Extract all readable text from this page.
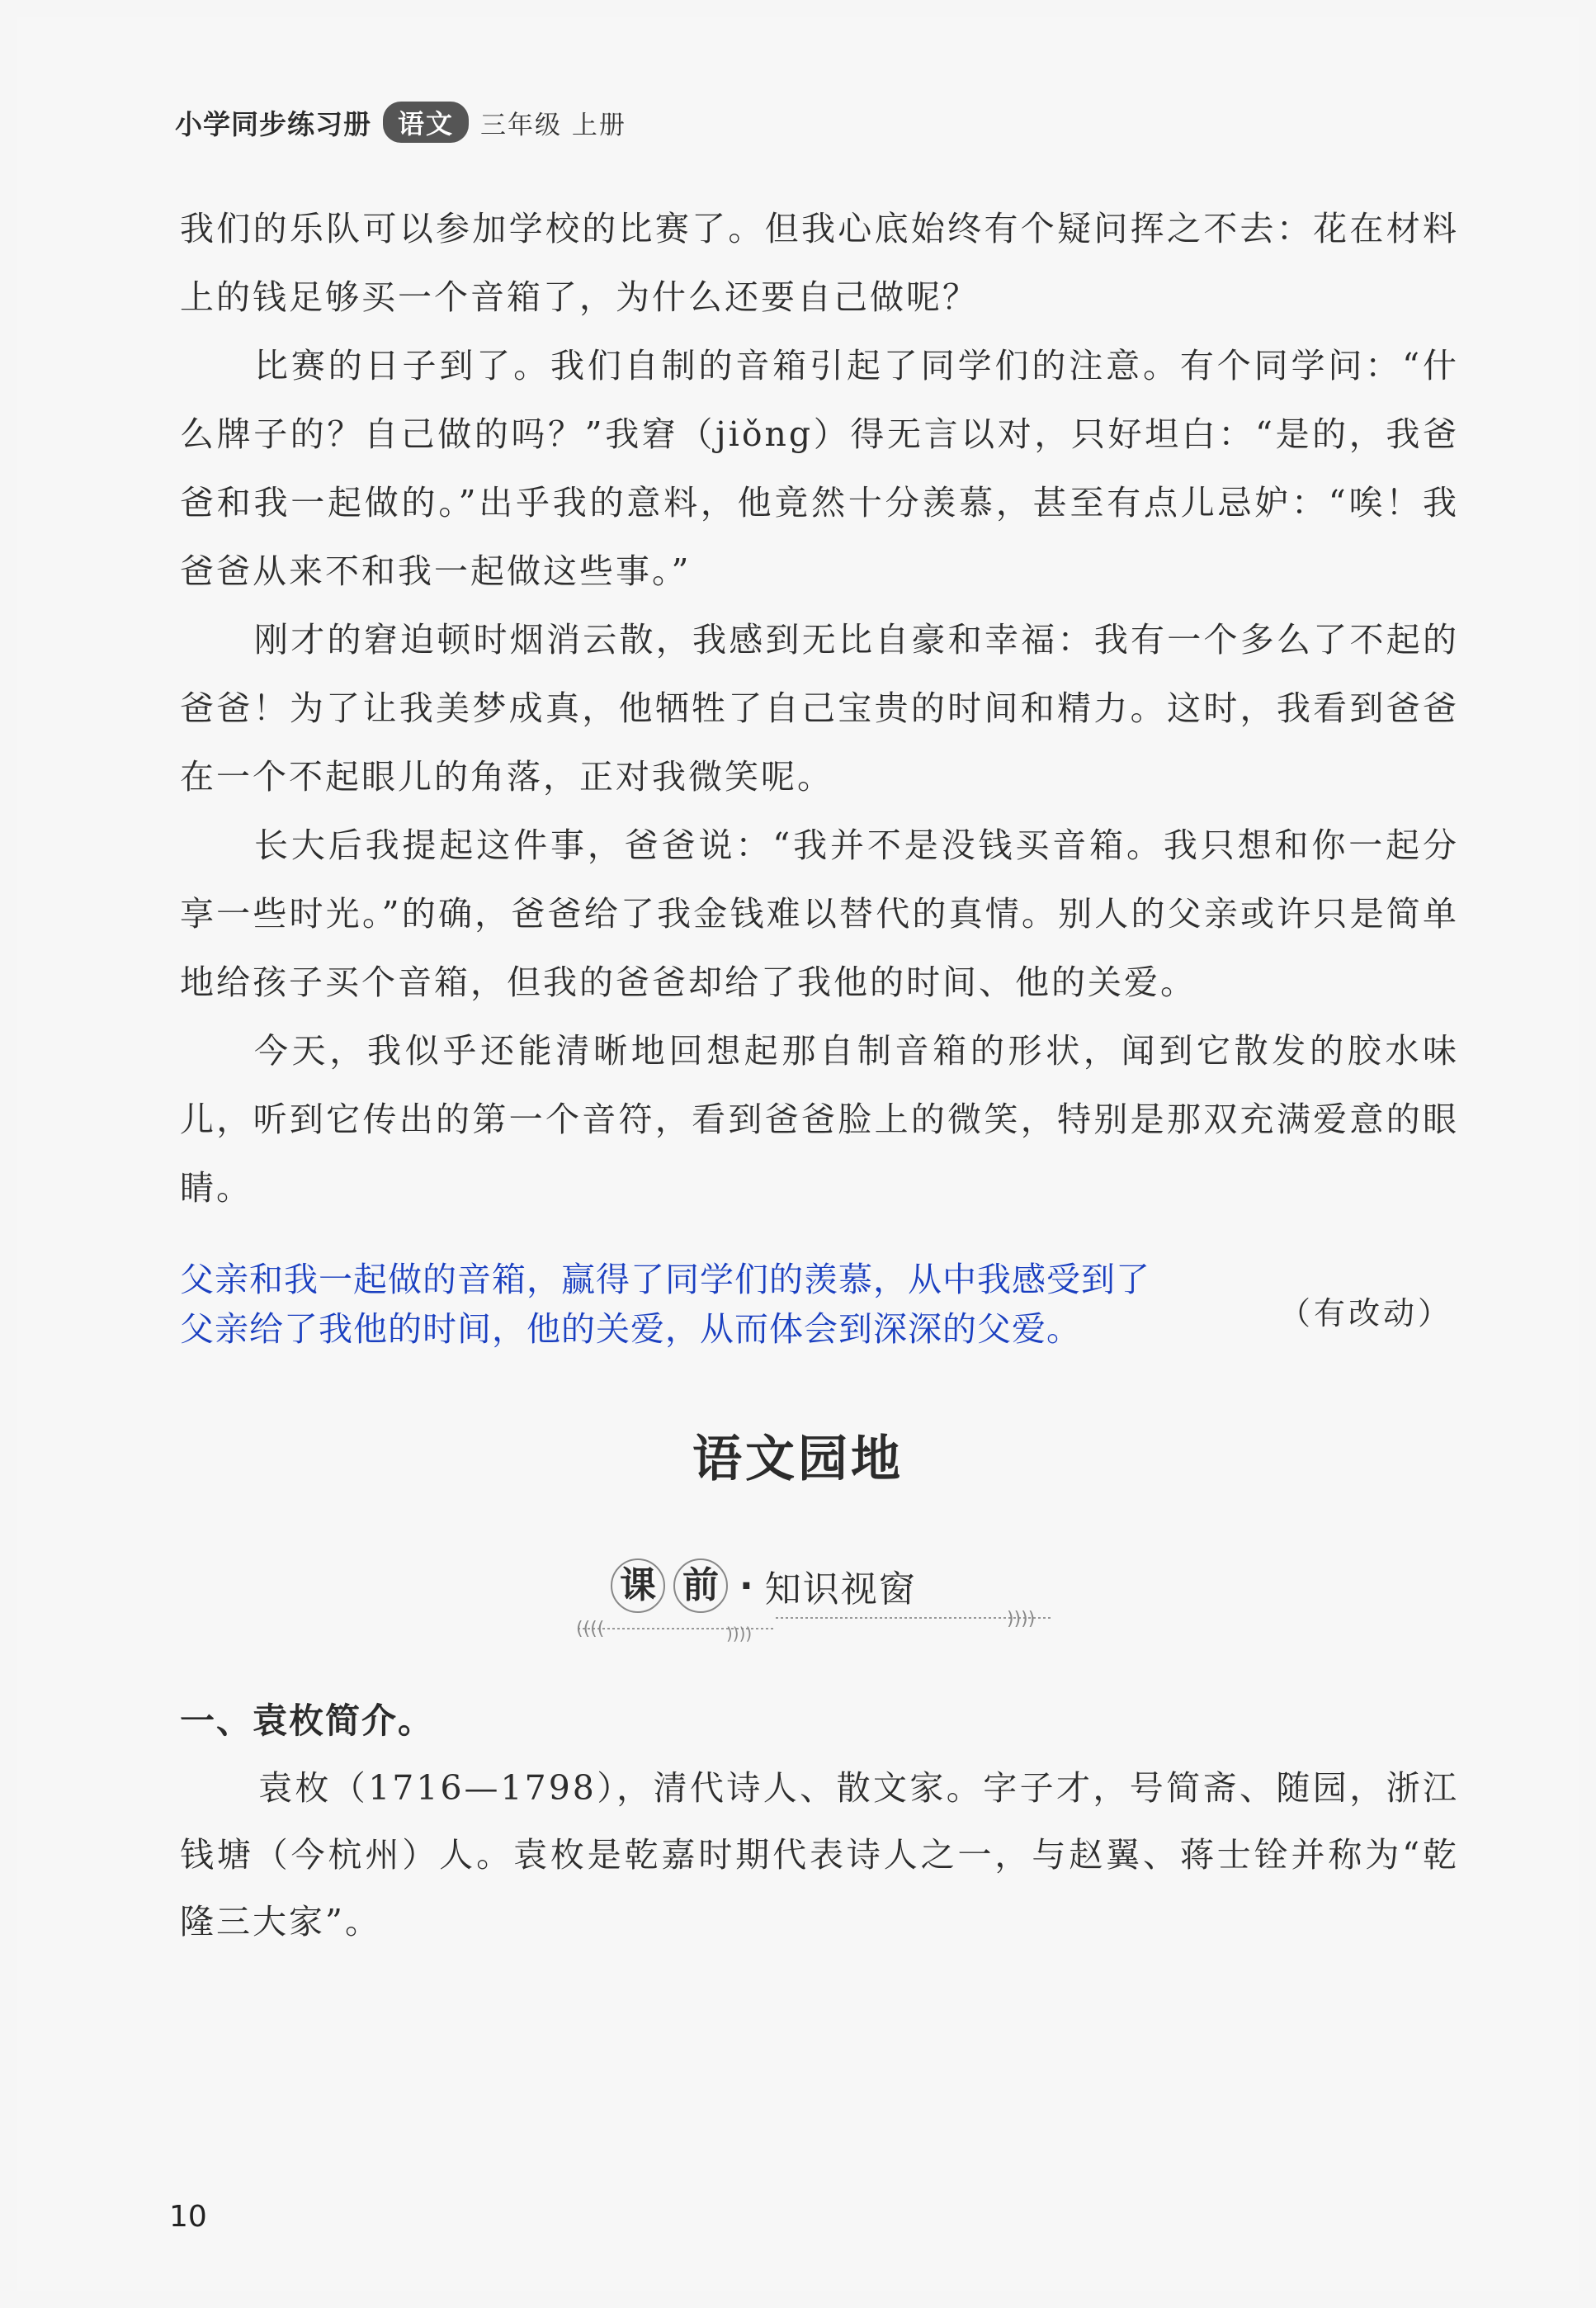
小学同步练习册	语文	三年级 上册

我们的乐队可以参加学校的比赛了。但我心底始终有个疑问挥之不去：花在材料上的钱足够买一个音箱了，为什么还要自己做呢？

比赛的日子到了。我们自制的音箱引起了同学们的注意。有个同学问：“什么牌子的？自己做的吗？”我窘（jiǒng）得无言以对，只好坦白：“是的，我爸爸和我一起做的。”出乎我的意料，他竟然十分羡慕，甚至有点儿忌妒：“唉！我爸爸从来不和我一起做这些事。”

刚才的窘迫顿时烟消云散，我感到无比自豪和幸福：我有一个多么了不起的爸爸！为了让我美梦成真，他牺牲了自己宝贵的时间和精力。这时，我看到爸爸在一个不起眼儿的角落，正对我微笑呢。

长大后我提起这件事，爸爸说：“我并不是没钱买音箱。我只想和你一起分享一些时光。”的确，爸爸给了我金钱难以替代的真情。别人的父亲或许只是简单地给孩子买个音箱，但我的爸爸却给了我他的时间、他的关爱。

今天，我似乎还能清晰地回想起那自制音箱的形状，闻到它散发的胶水味儿，听到它传出的第一个音符，看到爸爸脸上的微笑，特别是那双充满爱意的眼睛。

父亲和我一起做的音箱，赢得了同学们的羡慕，从中我感受到了
父亲给了我他的时间，他的关爱，从而体会到深深的父爱。	（有改动）
语文园地
((((	))))
))))
课 前 · 知识视窗
一、袁枚简介。

袁枚（1716—1798），清代诗人、散文家。字子才，号简斋、随园，浙江钱塘（今杭州）人。袁枚是乾嘉时期代表诗人之一，与赵翼、蒋士铨并称为“乾隆三大家”。

10
